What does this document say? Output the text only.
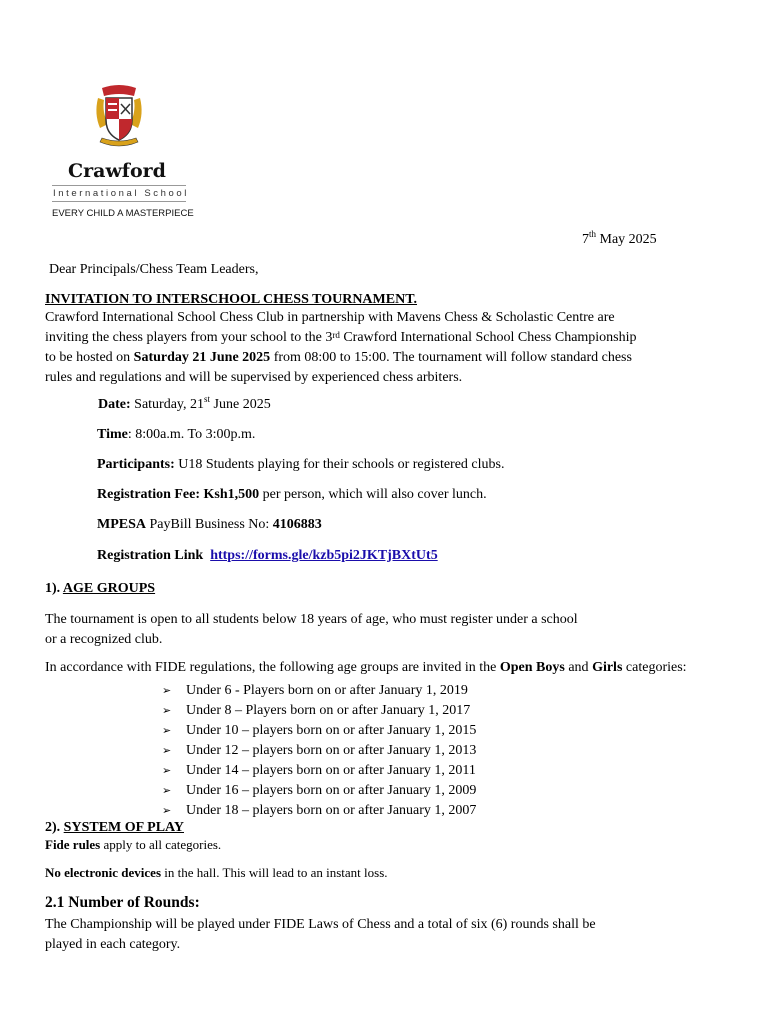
Crawford
International School
EVERY CHILD A MASTERPIECE
7th May 2025
Dear Principals/Chess Team Leaders,
INVITATION TO INTERSCHOOL CHESS TOURNAMENT.
Crawford International School Chess Club in partnership with Mavens Chess & Scholastic Centre are
inviting the chess players from your school to the 3rd Crawford International School Chess Championship
to be hosted on Saturday 21 June 2025 from 08:00 to 15:00. The tournament will follow standard chess
rules and regulations and will be supervised by experienced chess arbiters.
Date: Saturday, 21st June 2025
Time: 8:00a.m. To 3:00p.m.
Participants: U18 Students playing for their schools or registered clubs.
Registration Fee: Ksh1,500 per person, which will also cover lunch.
MPESA PayBill Business No: 4106883
Registration Link https://forms.gle/kzb5pi2JKTjBXtUt5
1). AGE GROUPS
The tournament is open to all students below 18 years of age, who must register under a school
or a recognized club.
In accordance with FIDE regulations, the following age groups are invited in the Open Boys and Girls categories:
➢	Under 6 - Players born on or after January 1, 2019
➢	Under 8 – Players born on or after January 1, 2017
➢	Under 10 – players born on or after January 1, 2015
➢	Under 12 – players born on or after January 1, 2013
➢	Under 14 – players born on or after January 1, 2011
➢	Under 16 – players born on or after January 1, 2009
➢	Under 18 – players born on or after January 1, 2007
2). SYSTEM OF PLAY
Fide rules apply to all categories.
No electronic devices in the hall. This will lead to an instant loss.
2.1 Number of Rounds:
The Championship will be played under FIDE Laws of Chess and a total of six (6) rounds shall be
played in each category.
